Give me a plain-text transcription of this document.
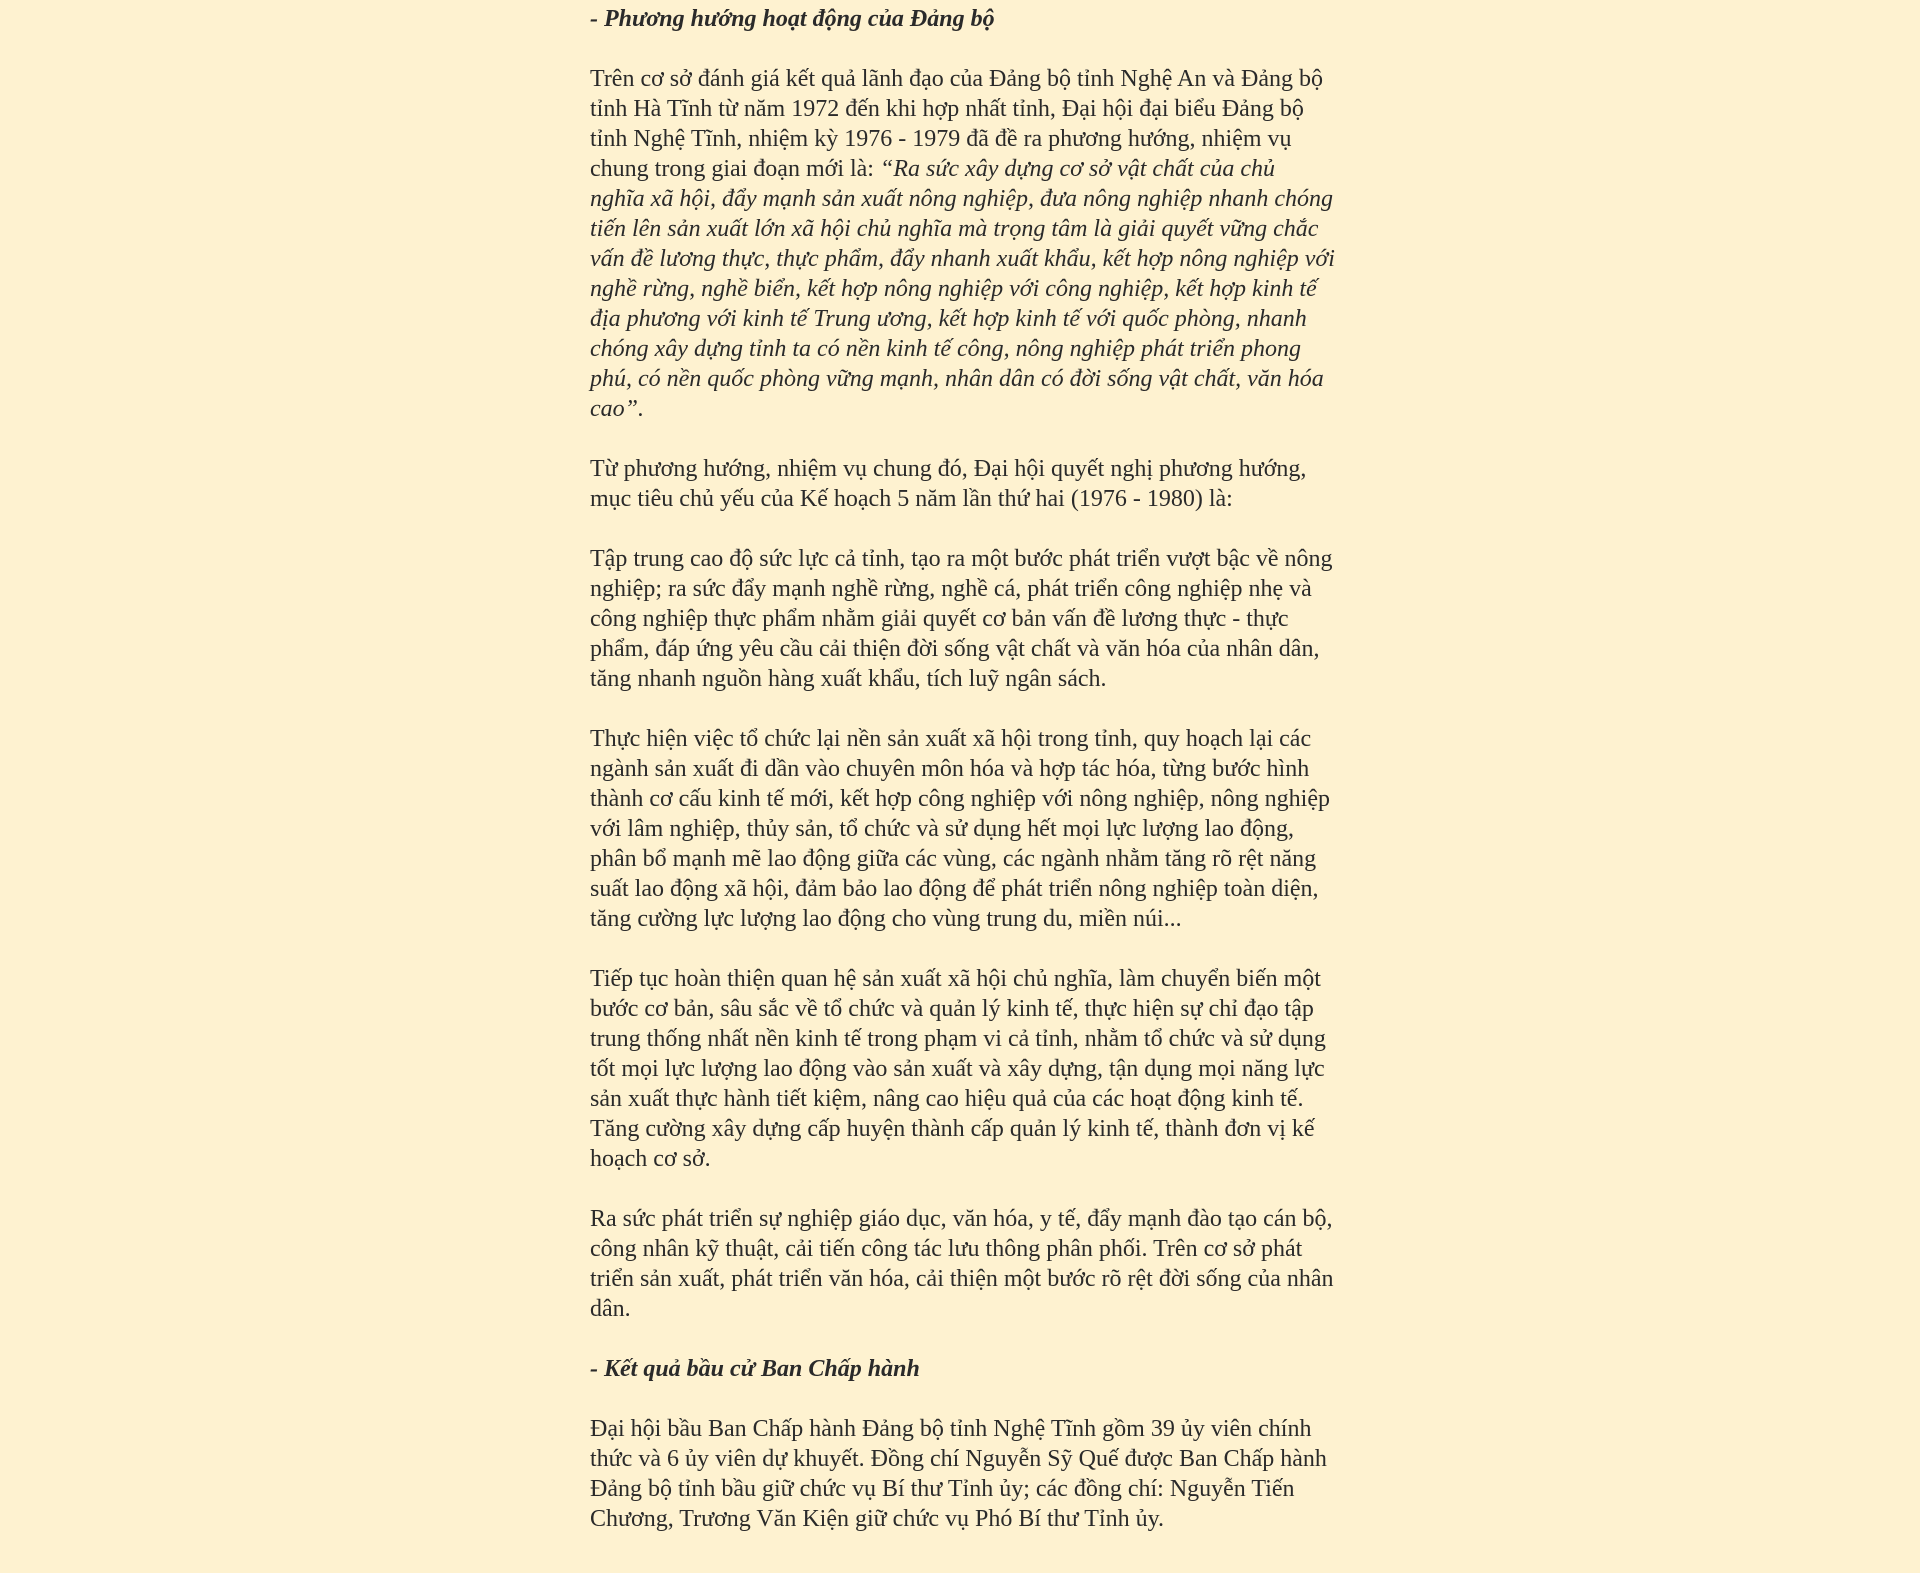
- Phương hướng hoạt động của Đảng bộ

Trên cơ sở đánh giá kết quả lãnh đạo của Đảng bộ tỉnh Nghệ An và Đảng bộ tỉnh Hà Tĩnh từ năm 1972 đến khi hợp nhất tỉnh, Đại hội đại biểu Đảng bộ tỉnh Nghệ Tĩnh, nhiệm kỳ 1976 - 1979 đã đề ra phương hướng, nhiệm vụ chung trong giai đoạn mới là: “Ra sức xây dựng cơ sở vật chất của chủ nghĩa xã hội, đẩy mạnh sản xuất nông nghiệp, đưa nông nghiệp nhanh chóng tiến lên sản xuất lớn xã hội chủ nghĩa mà trọng tâm là giải quyết vững chắc vấn đề lương thực, thực phẩm, đẩy nhanh xuất khẩu, kết hợp nông nghiệp với nghề rừng, nghề biển, kết hợp nông nghiệp với công nghiệp, kết hợp kinh tế địa phương với kinh tế Trung ương, kết hợp kinh tế với quốc phòng, nhanh chóng xây dựng tỉnh ta có nền kinh tế công, nông nghiệp phát triển phong phú, có nền quốc phòng vững mạnh, nhân dân có đời sống vật chất, văn hóa cao”.

Từ phương hướng, nhiệm vụ chung đó, Đại hội quyết nghị phương hướng, mục tiêu chủ yếu của Kế hoạch 5 năm lần thứ hai (1976 - 1980) là:

Tập trung cao độ sức lực cả tỉnh, tạo ra một bước phát triển vượt bậc về nông nghiệp; ra sức đẩy mạnh nghề rừng, nghề cá, phát triển công nghiệp nhẹ và công nghiệp thực phẩm nhằm giải quyết cơ bản vấn đề lương thực - thực phẩm, đáp ứng yêu cầu cải thiện đời sống vật chất và văn hóa của nhân dân, tăng nhanh nguồn hàng xuất khẩu, tích luỹ ngân sách.

Thực hiện việc tổ chức lại nền sản xuất xã hội trong tỉnh, quy hoạch lại các ngành sản xuất đi dần vào chuyên môn hóa và hợp tác hóa, từng bước hình thành cơ cấu kinh tế mới, kết hợp công nghiệp với nông nghiệp, nông nghiệp với lâm nghiệp, thủy sản, tổ chức và sử dụng hết mọi lực lượng lao động, phân bổ mạnh mẽ lao động giữa các vùng, các ngành nhằm tăng rõ rệt năng suất lao động xã hội, đảm bảo lao động để phát triển nông nghiệp toàn diện, tăng cường lực lượng lao động cho vùng trung du, miền núi...

Tiếp tục hoàn thiện quan hệ sản xuất xã hội chủ nghĩa, làm chuyển biến một bước cơ bản, sâu sắc về tổ chức và quản lý kinh tế, thực hiện sự chỉ đạo tập trung thống nhất nền kinh tế trong phạm vi cả tỉnh, nhằm tổ chức và sử dụng tốt mọi lực lượng lao động vào sản xuất và xây dựng, tận dụng mọi năng lực sản xuất thực hành tiết kiệm, nâng cao hiệu quả của các hoạt động kinh tế. Tăng cường xây dựng cấp huyện thành cấp quản lý kinh tế, thành đơn vị kế hoạch cơ sở.

Ra sức phát triển sự nghiệp giáo dục, văn hóa, y tế, đẩy mạnh đào tạo cán bộ, công nhân kỹ thuật, cải tiến công tác lưu thông phân phối. Trên cơ sở phát triển sản xuất, phát triển văn hóa, cải thiện một bước rõ rệt đời sống của nhân dân.

- Kết quả bầu cử Ban Chấp hành

Đại hội bầu Ban Chấp hành Đảng bộ tỉnh Nghệ Tĩnh gồm 39 ủy viên chính thức và 6 ủy viên dự khuyết. Đồng chí Nguyễn Sỹ Quế được Ban Chấp hành Đảng bộ tỉnh bầu giữ chức vụ Bí thư Tỉnh ủy; các đồng chí: Nguyễn Tiến Chương, Trương Văn Kiện giữ chức vụ Phó Bí thư Tỉnh ủy.
